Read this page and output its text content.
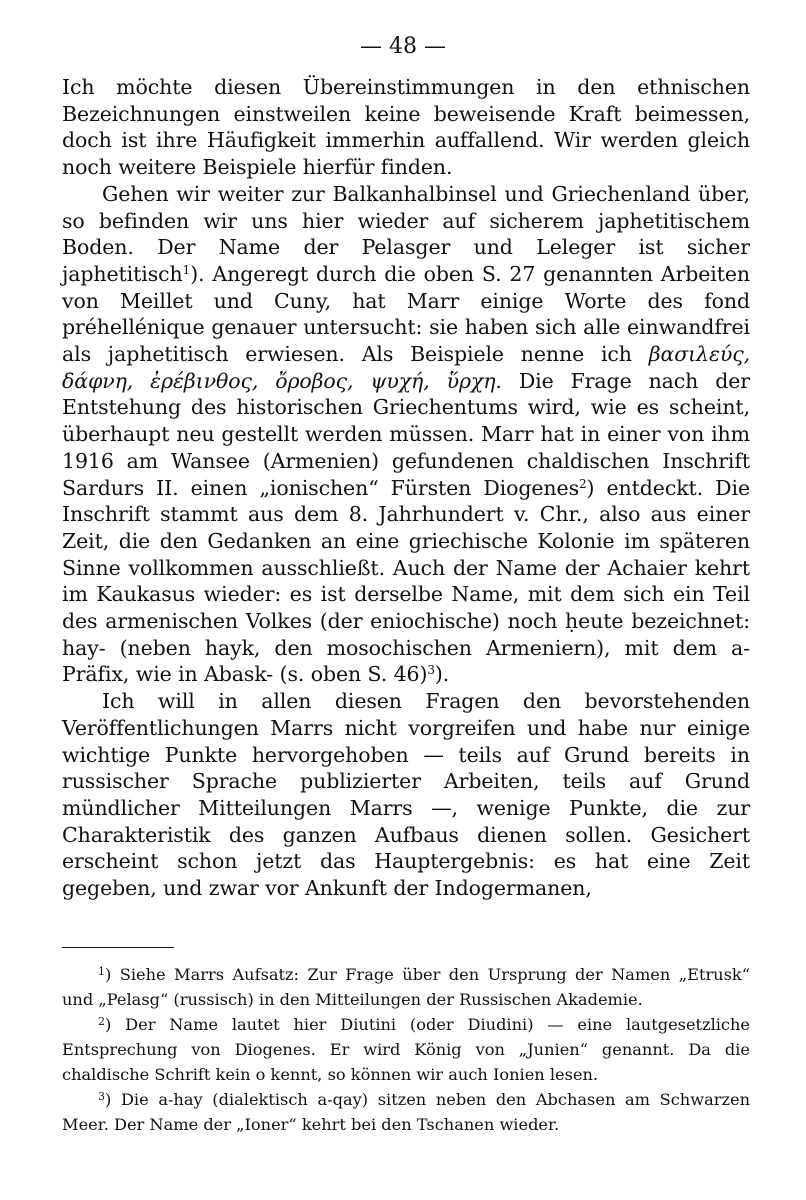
— 48 —

Ich möchte diesen Übereinstimmungen in den ethnischen Bezeichnungen einstweilen keine beweisende Kraft beimessen, doch ist ihre Häufigkeit immerhin auffallend. Wir werden gleich noch weitere Beispiele hierfür finden.

Gehen wir weiter zur Balkanhalbinsel und Griechenland über, so befinden wir uns hier wieder auf sicherem japhetitischem Boden. Der Name der Pelasger und Leleger ist sicher japhetitisch$^1$). Angeregt durch die oben S. 27 genannten Arbeiten von Meillet und Cuny, hat Marr einige Worte des fond préhellénique genauer untersucht: sie haben sich alle einwandfrei als japhetitisch erwiesen. Als Beispiele nenne ich βασιλεύς, δάφνη, ἐρέβινθος, ὄροβος, ψυχή, ὕρχη. Die Frage nach der Entstehung des historischen Griechentums wird, wie es scheint, überhaupt neu gestellt werden müssen. Marr hat in einer von ihm 1916 am Wansee (Armenien) gefundenen chaldischen Inschrift Sardurs II. einen „ionischen“ Fürsten Diogenes$^2$) entdeckt. Die Inschrift stammt aus dem 8. Jahrhundert v. Chr., also aus einer Zeit, die den Gedanken an eine griechische Kolonie im späteren Sinne vollkommen ausschließt. Auch der Name der Achaier kehrt im Kaukasus wieder: es ist derselbe Name, mit dem sich ein Teil des armenischen Volkes (der eniochische) noch ḥeute bezeichnet: hay- (neben hayk, den mosochischen Armeniern), mit dem a-Präfix, wie in Abask- (s. oben S. 46)$^3$).

Ich will in allen diesen Fragen den bevorstehenden Veröffentlichungen Marrs nicht vorgreifen und habe nur einige wichtige Punkte hervorgehoben — teils auf Grund bereits in russischer Sprache publizierter Arbeiten, teils auf Grund mündlicher Mitteilungen Marrs —, wenige Punkte, die zur Charakteristik des ganzen Aufbaus dienen sollen. Gesichert erscheint schon jetzt das Hauptergebnis: es hat eine Zeit gegeben, und zwar vor Ankunft der Indogermanen,

$^1$) Siehe Marrs Aufsatz: Zur Frage über den Ursprung der Namen „Etrusk“ und „Pelasg“ (russisch) in den Mitteilungen der Russischen Akademie.

$^2$) Der Name lautet hier Diutini (oder Diudini) — eine lautgesetzliche Entsprechung von Diogenes. Er wird König von „Junien“ genannt. Da die chaldische Schrift kein o kennt, so können wir auch Ionien lesen.

$^3$) Die a-hay (dialektisch a-qay) sitzen neben den Abchasen am Schwarzen Meer. Der Name der „Ioner“ kehrt bei den Tschanen wieder.
